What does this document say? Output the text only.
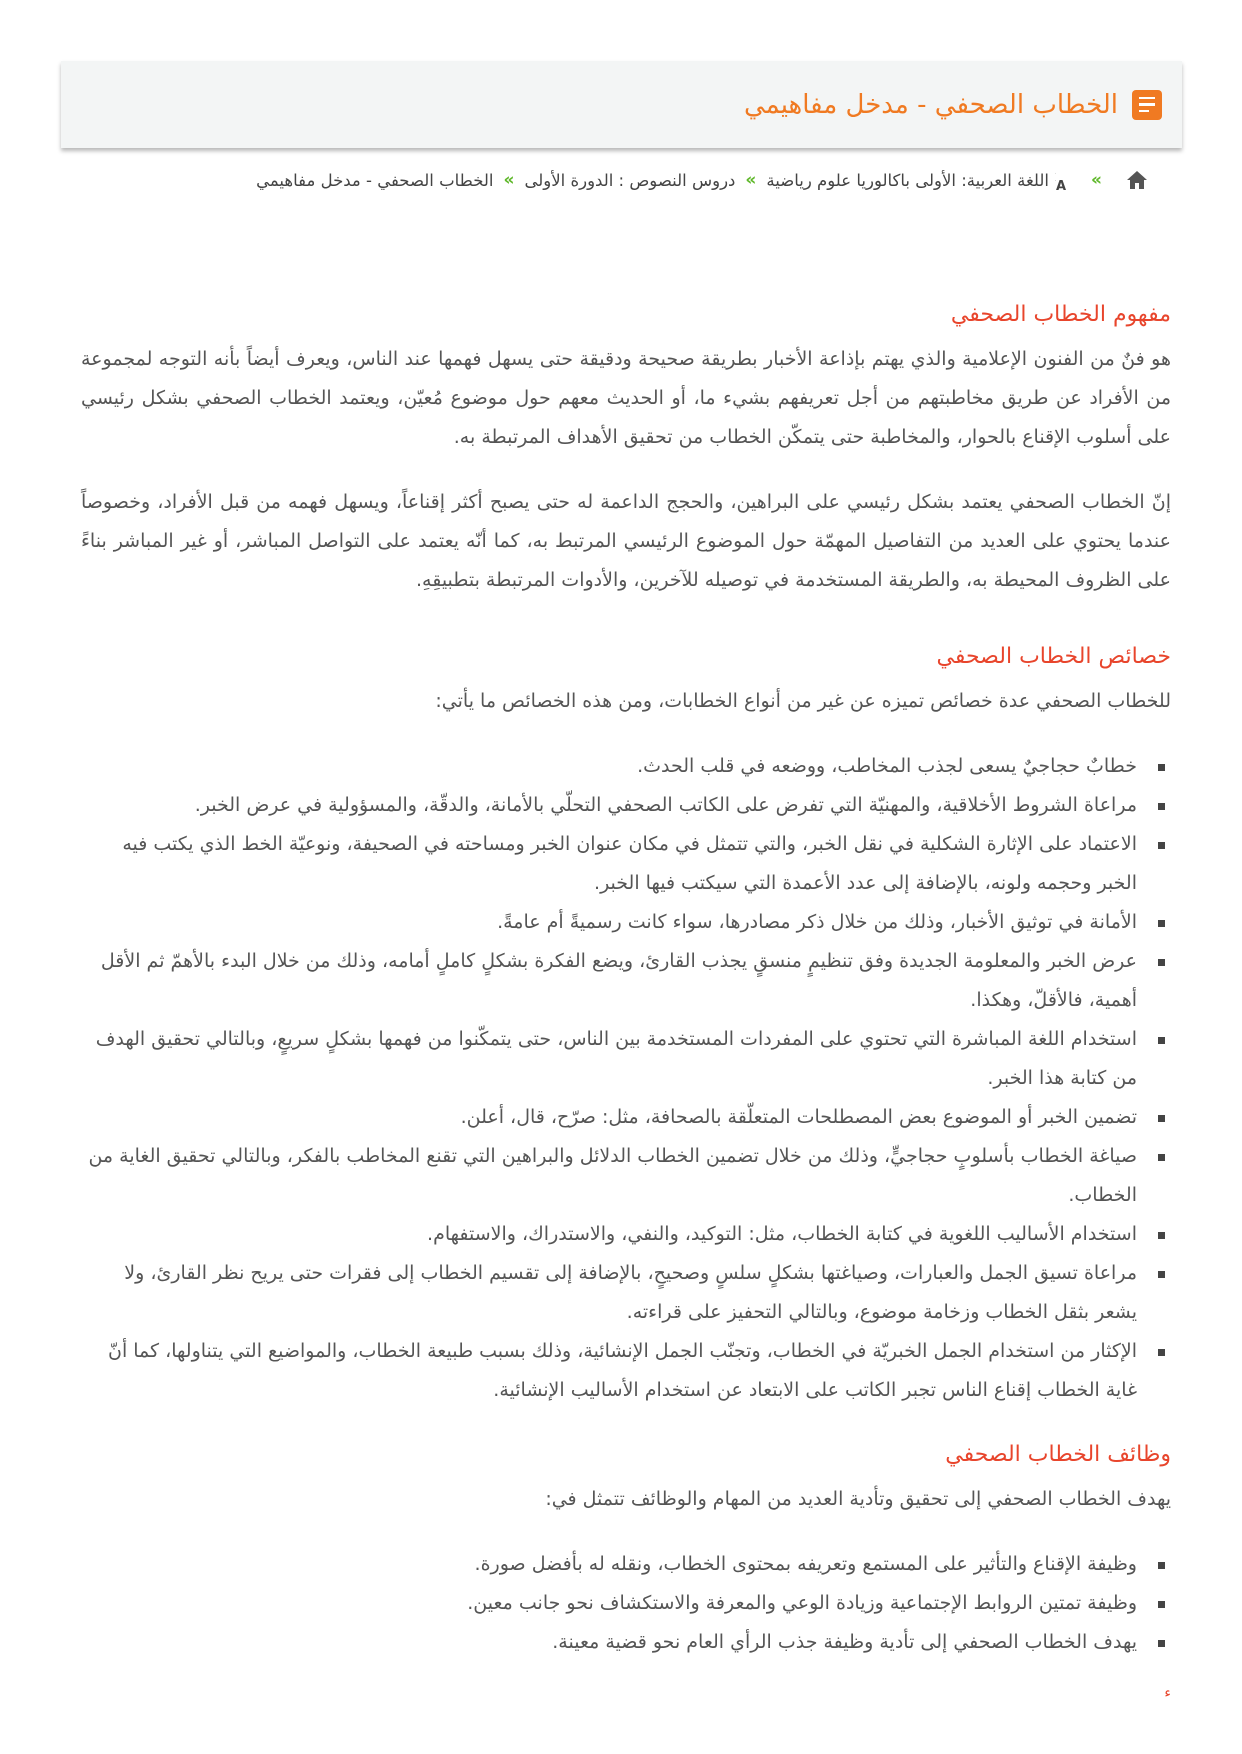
الخطاب الصحفي - مدخل مفاهيمي
»
A
اللغة العربية: الأولى باكالوريا علوم رياضية
»
دروس النصوص : الدورة الأولى
»
الخطاب الصحفي - مدخل مفاهيمي
مفهوم الخطاب الصحفي

هو فنٌ من الفنون الإعلامية والذي يهتم بإذاعة الأخبار بطريقة صحيحة ودقيقة حتى يسهل فهمها عند الناس، ويعرف أيضاً بأنه التوجه لمجموعة من الأفراد عن طريق مخاطبتهم من أجل تعريفهم بشيء ما، أو الحديث معهم حول موضوع مُعيّن، ويعتمد الخطاب الصحفي بشكل رئيسي على أسلوب الإقناع بالحوار، والمخاطبة حتى يتمكّن الخطاب من تحقيق الأهداف المرتبطة به.

إنّ الخطاب الصحفي يعتمد بشكل رئيسي على البراهين، والحجج الداعمة له حتى يصبح أكثر إقناعاً، ويسهل فهمه من قبل الأفراد، وخصوصاً عندما يحتوي على العديد من التفاصيل المهمّة حول الموضوع الرئيسي المرتبط به، كما أنّه يعتمد على التواصل المباشر، أو غير المباشر بناءً على الظروف المحيطة به، والطريقة المستخدمة في توصيله للآخرين، والأدوات المرتبطة بتطبيقِهِ.

خصائص الخطاب الصحفي

للخطاب الصحفي عدة خصائص تميزه عن غير من أنواع الخطابات، ومن هذه الخصائص ما يأتي:

خطابٌ حجاجيٌ يسعى لجذب المخاطب، ووضعه في قلب الحدث.
مراعاة الشروط الأخلاقية، والمهنيّة التي تفرض على الكاتب الصحفي التحلّي بالأمانة، والدقّة، والمسؤولية في عرض الخبر.
الاعتماد على الإثارة الشكلية في نقل الخبر، والتي تتمثل في مكان عنوان الخبر ومساحته في الصحيفة، ونوعيّة الخط الذي يكتب فيه الخبر وحجمه ولونه، بالإضافة إلى عدد الأعمدة التي سيكتب فيها الخبر.
الأمانة في توثيق الأخبار، وذلك من خلال ذكر مصادرها، سواء كانت رسميةً أم عامةً.
عرض الخبر والمعلومة الجديدة وفق تنظيمٍ منسقٍ يجذب القارئ، ويضع الفكرة بشكلٍ كاملٍ أمامه، وذلك من خلال البدء بالأهمّ ثم الأقل أهمية، فالأقلّ، وهكذا.
استخدام اللغة المباشرة التي تحتوي على المفردات المستخدمة بين الناس، حتى يتمكّنوا من فهمها بشكلٍ سريعٍ، وبالتالي تحقيق الهدف من كتابة هذا الخبر.
تضمين الخبر أو الموضوع بعض المصطلحات المتعلّقة بالصحافة، مثل: صرّح، قال، أعلن.
صياغة الخطاب بأسلوبٍ حجاجيٍّ، وذلك من خلال تضمين الخطاب الدلائل والبراهين التي تقنع المخاطب بالفكر، وبالتالي تحقيق الغاية من الخطاب.
استخدام الأساليب اللغوية في كتابة الخطاب، مثل: التوكيد، والنفي، والاستدراك، والاستفهام.
مراعاة تسيق الجمل والعبارات، وصياغتها بشكلٍ سلسٍ وصحيحٍ، بالإضافة إلى تقسيم الخطاب إلى فقرات حتى يريح نظر القارئ، ولا يشعر بثقل الخطاب وزخامة موضوع، وبالتالي التحفيز على قراءته.
الإكثار من استخدام الجمل الخبريّة في الخطاب، وتجنّب الجمل الإنشائية، وذلك بسبب طبيعة الخطاب، والمواضيع التي يتناولها، كما أنّ غاية الخطاب إقناع الناس تجبر الكاتب على الابتعاد عن استخدام الأساليب الإنشائية.
وظائف الخطاب الصحفي

يهدف الخطاب الصحفي إلى تحقيق وتأدية العديد من المهام والوظائف تتمثل في:

وظيفة الإقناع والتأثير على المستمع وتعريفه بمحتوى الخطاب، ونقله له بأفضل صورة.
وظيفة تمتين الروابط الإجتماعية وزيادة الوعي والمعرفة والاستكشاف نحو جانب معين.
يهدف الخطاب الصحفي إلى تأدية وظيفة جذب الرأي العام نحو قضية معينة.
ء
